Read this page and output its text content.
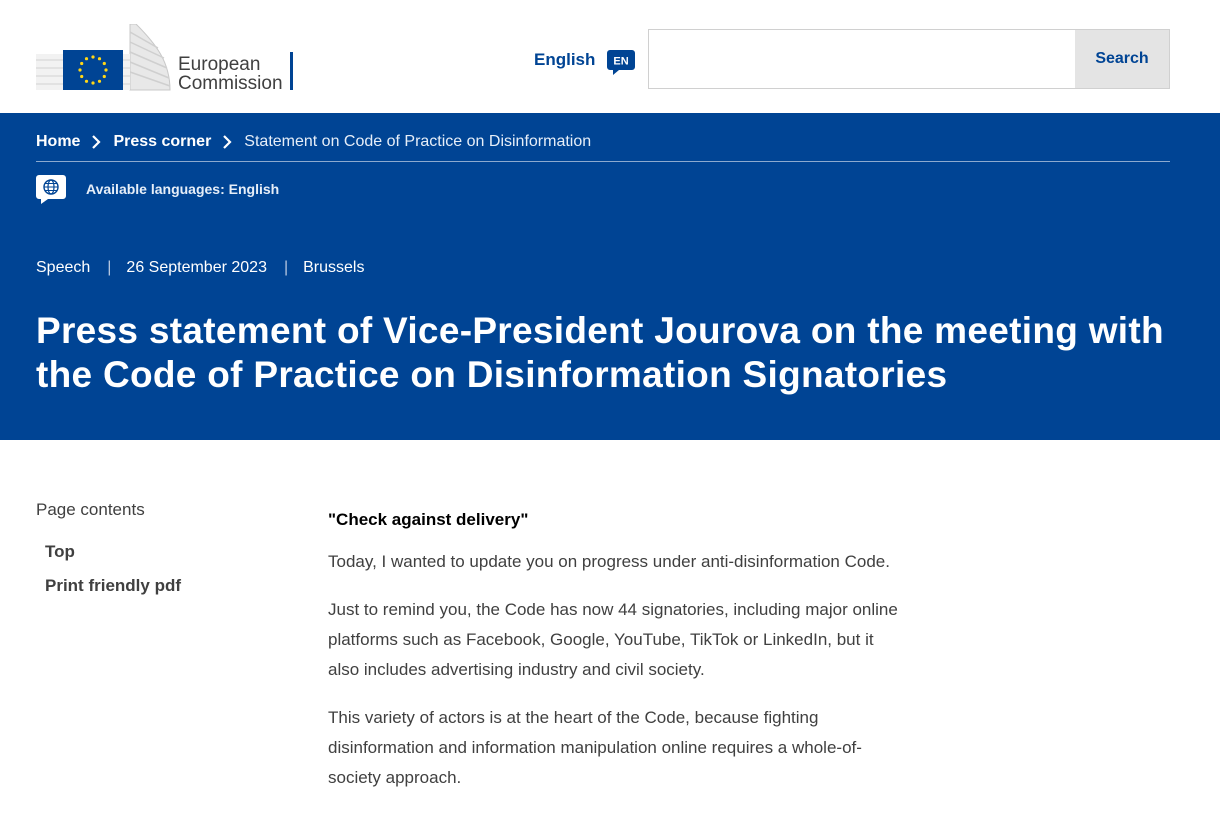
European
Commission
English EN	Search
Home Press corner Statement on Code of Practice on Disinformation
Available languages: English
Speech | 26 September 2023 | Brussels
Press statement of Vice-President Jourova on the meeting with the Code of Practice on Disinformation Signatories
Page contents
Top
Print friendly pdf

"Check against delivery"

Today, I wanted to update you on progress under anti-disinformation Code.

Just to remind you, the Code has now 44 signatories, including major online platforms such as Facebook, Google, YouTube, TikTok or LinkedIn, but it also includes advertising industry and civil society.

This variety of actors is at the heart of the Code, because fighting disinformation and information manipulation online requires a whole-of-society approach.
